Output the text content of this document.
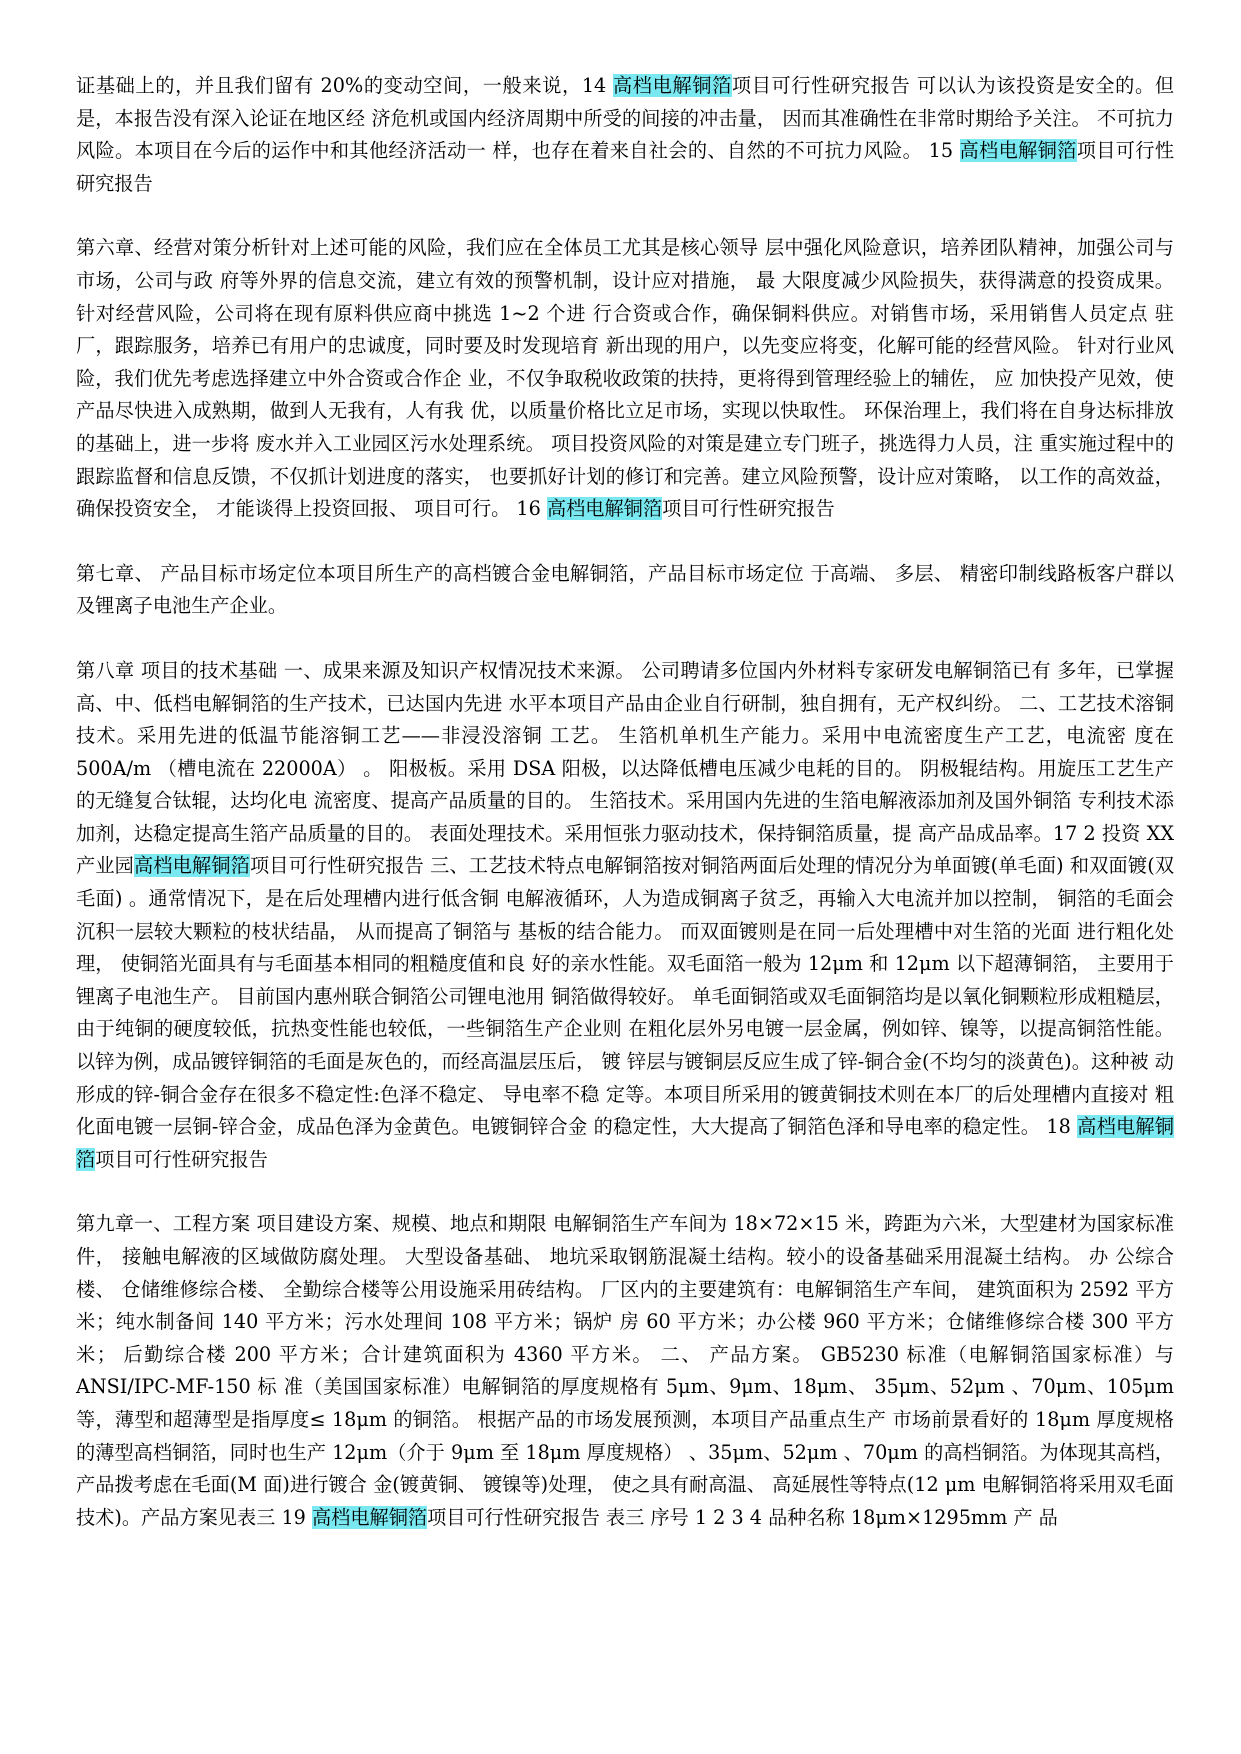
证基础上的，并且我们留有 20%的变动空间，一般来说，14 高档电解铜箔项目可行性研究报告 可以认为该投资是安全的。但是，本报告没有深入论证在地区经 济危机或国内经济周期中所受的间接的冲击量， 因而其准确性在非常时期给予关注。 不可抗力风险。本项目在今后的运作中和其他经济活动一 样，也存在着来自社会的、自然的不可抗力风险。 15 高档电解铜箔项目可行性研究报告

第六章、经营对策分析针对上述可能的风险，我们应在全体员工尤其是核心领导 层中强化风险意识，培养团队精神，加强公司与市场，公司与政 府等外界的信息交流，建立有效的预警机制，设计应对措施， 最 大限度减少风险损失，获得满意的投资成果。 针对经营风险，公司将在现有原料供应商中挑选 1~2 个进 行合资或合作，确保铜料供应。对销售市场，采用销售人员定点 驻厂，跟踪服务，培养已有用户的忠诚度，同时要及时发现培育 新出现的用户，以先变应将变，化解可能的经营风险。 针对行业风险，我们优先考虑选择建立中外合资或合作企 业，不仅争取税收政策的扶持，更将得到管理经验上的辅佐， 应 加快投产见效，使产品尽快进入成熟期，做到人无我有，人有我 优，以质量价格比立足市场，实现以快取性。 环保治理上，我们将在自身达标排放的基础上，进一步将 废水并入工业园区污水处理系统。 项目投资风险的对策是建立专门班子，挑选得力人员，注 重实施过程中的跟踪监督和信息反馈，不仅抓计划进度的落实， 也要抓好计划的修订和完善。建立风险预警，设计应对策略， 以工作的高效益， 确保投资安全， 才能谈得上投资回报、 项目可行。 16 高档电解铜箔项目可行性研究报告

第七章、 产品目标市场定位本项目所生产的高档镀合金电解铜箔，产品目标市场定位 于高端、 多层、 精密印制线路板客户群以及锂离子电池生产企业。

第八章 项目的技术基础 一、成果来源及知识产权情况技术来源。 公司聘请多位国内外材料专家研发电解铜箔已有 多年，已掌握高、中、低档电解铜箔的生产技术，已达国内先进 水平本项目产品由企业自行研制，独自拥有，无产权纠纷。 二、工艺技术溶铜技术。采用先进的低温节能溶铜工艺——非浸没溶铜 工艺。 生箔机单机生产能力。采用中电流密度生产工艺，电流密 度在 500A/m （槽电流在 22000A） 。 阳极板。采用 DSA 阳极，以达降低槽电压减少电耗的目的。 阴极辊结构。用旋压工艺生产的无缝复合钛辊，达均化电 流密度、提高产品质量的目的。 生箔技术。采用国内先进的生箔电解液添加剂及国外铜箔 专利技术添加剂，达稳定提高生箔产品质量的目的。 表面处理技术。采用恒张力驱动技术，保持铜箔质量，提 高产品成品率。17 2 投资 XX 产业园高档电解铜箔项目可行性研究报告 三、工艺技术特点电解铜箔按对铜箔两面后处理的情况分为单面镀(单毛面) 和双面镀(双毛面) 。通常情况下，是在后处理槽内进行低含铜 电解液循环，人为造成铜离子贫乏，再输入大电流并加以控制， 铜箔的毛面会沉积一层较大颗粒的枝状结晶， 从而提高了铜箔与 基板的结合能力。 而双面镀则是在同一后处理槽中对生箔的光面 进行粗化处理， 使铜箔光面具有与毛面基本相同的粗糙度值和良 好的亲水性能。双毛面箔一般为 12μm 和 12μm 以下超薄铜箔， 主要用于锂离子电池生产。 目前国内惠州联合铜箔公司锂电池用 铜箔做得较好。 单毛面铜箔或双毛面铜箔均是以氧化铜颗粒形成粗糙层， 由于纯铜的硬度较低，抗热变性能也较低，一些铜箔生产企业则 在粗化层外另电镀一层金属，例如锌、镍等，以提高铜箔性能。 以锌为例，成品镀锌铜箔的毛面是灰色的，而经高温层压后， 镀 锌层与镀铜层反应生成了锌-铜合金(不均匀的淡黄色)。这种被 动形成的锌-铜合金存在很多不稳定性:色泽不稳定、 导电率不稳 定等。本项目所采用的镀黄铜技术则在本厂的后处理槽内直接对 粗化面电镀一层铜-锌合金，成品色泽为金黄色。电镀铜锌合金 的稳定性，大大提高了铜箔色泽和导电率的稳定性。 18 高档电解铜箔项目可行性研究报告

第九章一、工程方案 项目建设方案、规模、地点和期限 电解铜箔生产车间为 18×72×15 米，跨距为六米，大型建材为国家标准件， 接触电解液的区域做防腐处理。 大型设备基础、 地坑采取钢筋混凝土结构。较小的设备基础采用混凝土结构。 办 公综合楼、 仓储维修综合楼、 全勤综合楼等公用设施采用砖结构。 厂区内的主要建筑有：电解铜箔生产车间， 建筑面积为 2592 平方米；纯水制备间 140 平方米；污水处理间 108 平方米；锅炉 房 60 平方米；办公楼 960 平方米；仓储维修综合楼 300 平方米； 后勤综合楼 200 平方米；合计建筑面积为 4360 平方米。 二、 产品方案。 GB5230 标准（电解铜箔国家标准）与 ANSI/IPC-MF-150 标 准（美国国家标准）电解铜箔的厚度规格有 5μm、9μm、18μm、 35μm、52μm 、70μm、105μm 等，薄型和超薄型是指厚度≤ 18μm 的铜箔。 根据产品的市场发展预测，本项目产品重点生产 市场前景看好的 18μm 厚度规格的薄型高档铜箔，同时也生产 12μm（介于 9μm 至 18μm 厚度规格） 、35μm、52μm 、70μm 的高档铜箔。为体现其高档，产品拨考虑在毛面(M 面)进行镀合 金(镀黄铜、 镀镍等)处理， 使之具有耐高温、 高延展性等特点(12 μm 电解铜箔将采用双毛面技术)。产品方案见表三 19 高档电解铜箔项目可行性研究报告 表三 序号 1 2 3 4 品种名称 18μm×1295mm 产 品
